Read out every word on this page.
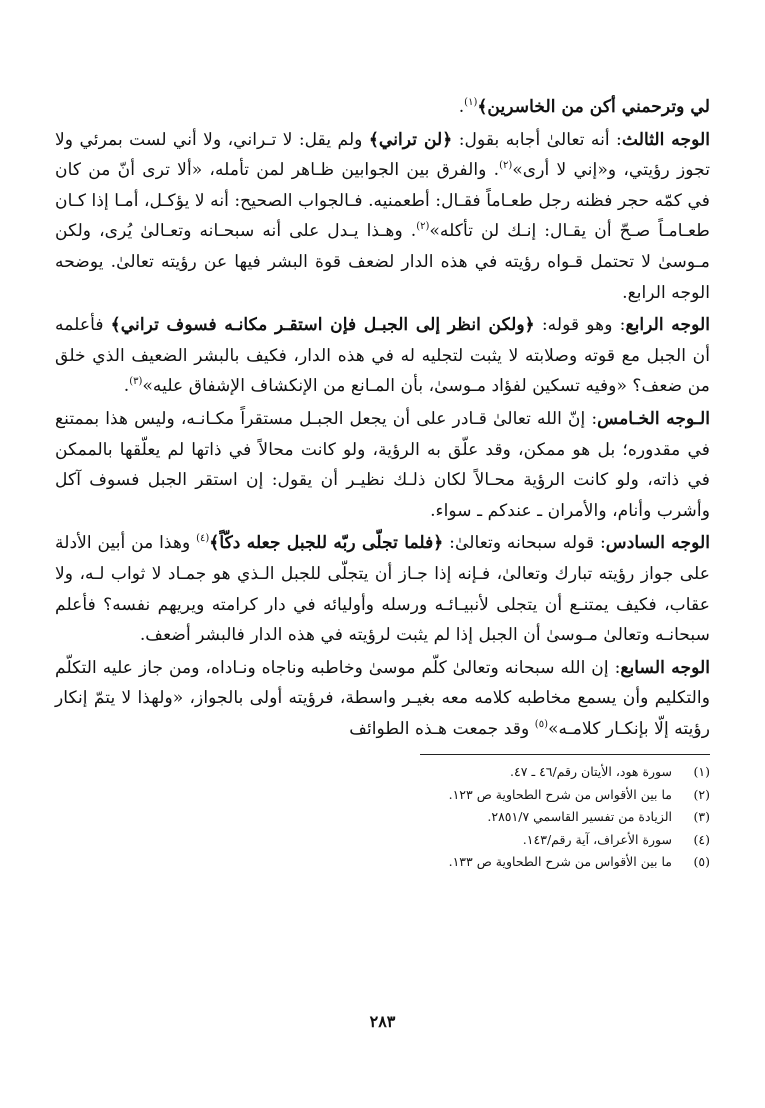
لي وترحمني أكن من الخاسرين﴾$^{(١)}$.

الوجه الثالث: أنه تعالىٰ أجابه بقول: ﴿لن تراني﴾ ولم يقل: لا تـراني، ولا أني لست بمرئي ولا تجوز رؤيتي، و«إني لا أرى»$^{(٢)}$. والفرق بين الجوابين ظـاهر لمن تأمله، «ألا ترى أنّ من كان في كمّه حجر فظنه رجل طعـاماً فقـال: أطعمنيه. فـالجواب الصحيح: أنه لا يؤكـل، أمـا إذا كـان طعـامـاً صـحّ أن يقـال: إنـك لن تأكله»$^{(٢)}$. وهـذا يـدل على أنه سبحـانه وتعـالىٰ يُرى، ولكن مـوسىٰ لا تحتمل قـواه رؤيته في هذه الدار لضعف قوة البشر فيها عن رؤيته تعالىٰ. يوضحه الوجه الرابع.

الوجه الرابع: وهو قوله: ﴿ولكن انظر إلى الجبـل فإن استقـر مكانـه فسوف تراني﴾ فأعلمه أن الجبل مع قوته وصلابته لا يثبت لتجليه له في هذه الدار، فكيف بالبشر الضعيف الذي خلق من ضعف؟ «وفيه تسكين لفؤاد مـوسىٰ، بأن المـانع من الإنكشاف الإشفاق عليه»$^{(٣)}$.

الـوجه الخـامس: إنّ الله تعالىٰ قـادر على أن يجعل الجبـل مستقراً مكـانـه، وليس هذا بممتنع في مقدوره؛ بل هو ممكن، وقد علّق به الرؤية، ولو كانت محالاً في ذاتها لم يعلّقها بالممكن في ذاته، ولو كانت الرؤية محـالاً لكان ذلـك نظيـر أن يقول: إن استقر الجبل فسوف آكل وأشرب وأنام، والأمران ـ عندكم ـ سواء.

الوجه السادس: قوله سبحانه وتعالىٰ: ﴿فلما تجلّى ربّه للجبل جعله دكّاً﴾$^{(٤)}$ وهذا من أبين الأدلة على جواز رؤيته تبارك وتعالىٰ، فـإنه إذا جـاز أن يتجلّى للجبل الـذي هو جمـاد لا ثواب لـه، ولا عقاب، فكيف يمتنـع أن يتجلى لأنبيـائـه ورسله وأوليائه في دار كرامته ويريهم نفسه؟ فأعلم سبحانـه وتعالىٰ مـوسىٰ أن الجبل إذا لم يثبت لرؤيته في هذه الدار فالبشر أضعف.

الوجه السابع: إن الله سبحانه وتعالىٰ كلّم موسىٰ وخاطبه وناجاه ونـاداه، ومن جاز عليه التكلّم والتكليم وأن يسمع مخاطبه كلامه معه بغيـر واسطة، فرؤيته أولى بالجواز، «ولهذا لا يتمّ إنكار رؤيته إلّا بإنكـار كلامـه»$^{(٥)}$ وقد جمعت هـذه الطوائف

(١)
سورة هود، الأيتان رقم/٤٦ ـ ٤٧.
(٢)
ما بين الأقواس من شرح الطحاوية ص ١٢٣.
(٣)
الزيادة من تفسير القاسمي ٢٨٥١/٧.
(٤)
سورة الأعراف، آية رقم/١٤٣.
(٥)
ما بين الأقواس من شرح الطحاوية ص ١٣٣.
٢٨٣
